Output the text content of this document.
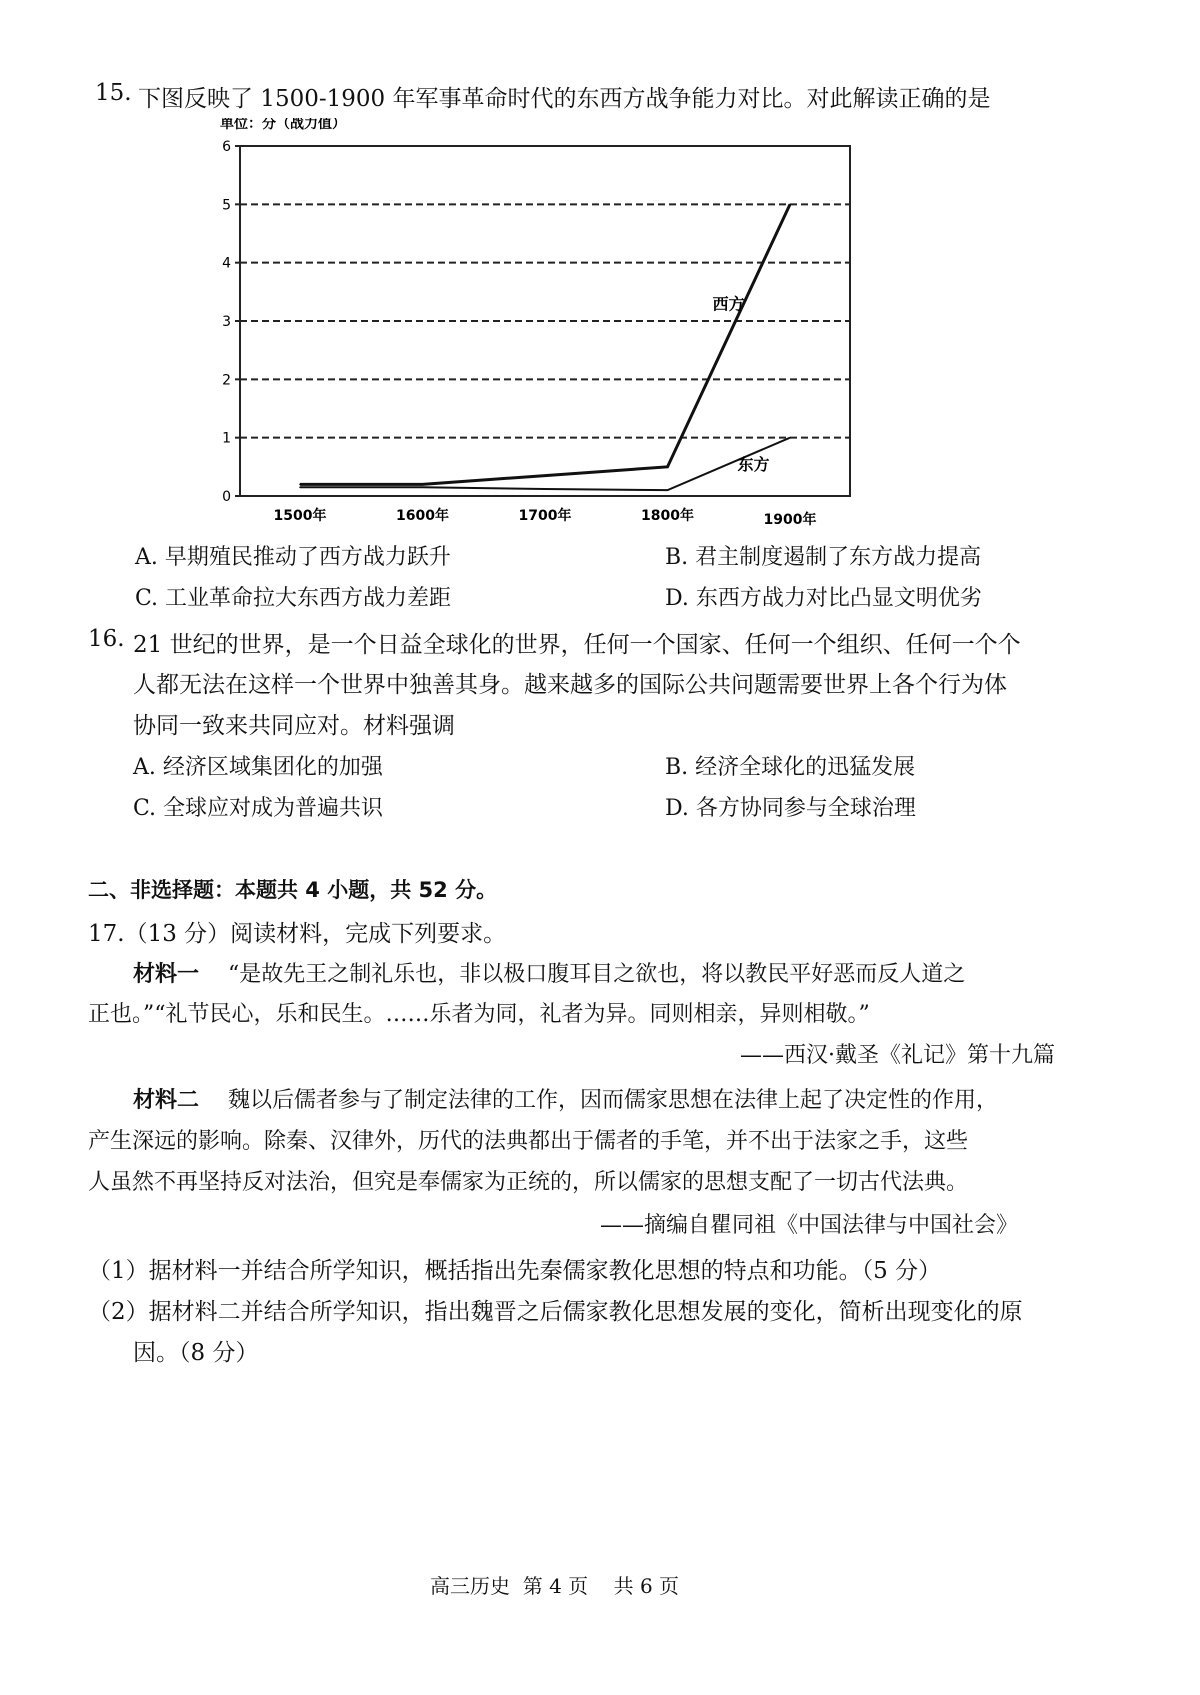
15. 下图反映了 1500-1900 年军事革命时代的东西方战争能力对比。对此解读正确的是
单位：分（战力值）
0
1
2
3
4
5
6
1500年	1600年	1700年	1800年	1900年
西方
东方
A. 早期殖民推动了西方战力跃升	B. 君主制度遏制了东方战力提高
C. 工业革命拉大东西方战力差距	D. 东西方战力对比凸显文明优劣
16. 21 世纪的世界，是一个日益全球化的世界，任何一个国家、任何一个组织、任何一个个
人都无法在这样一个世界中独善其身。越来越多的国际公共问题需要世界上各个行为体
协同一致来共同应对。材料强调
A. 经济区域集团化的加强	B. 经济全球化的迅猛发展
C. 全球应对成为普遍共识	D. 各方协同参与全球治理
二、非选择题：本题共 4 小题，共 52 分。
17.（13 分）阅读材料，完成下列要求。
材料一 “是故先王之制礼乐也，非以极口腹耳目之欲也，将以教民平好恶而反人道之
正也。”“礼节民心，乐和民生。……乐者为同，礼者为异。同则相亲，异则相敬。”
——西汉·戴圣《礼记》第十九篇
材料二 魏以后儒者参与了制定法律的工作，因而儒家思想在法律上起了决定性的作用，
产生深远的影响。除秦、汉律外，历代的法典都出于儒者的手笔，并不出于法家之手，这些
人虽然不再坚持反对法治，但究是奉儒家为正统的，所以儒家的思想支配了一切古代法典。
——摘编自瞿同祖《中国法律与中国社会》
（1）据材料一并结合所学知识，概括指出先秦儒家教化思想的特点和功能。（5 分）
（2）据材料二并结合所学知识，指出魏晋之后儒家教化思想发展的变化，简析出现变化的原
因。（8 分）
高三历史  第 4 页    共 6 页
